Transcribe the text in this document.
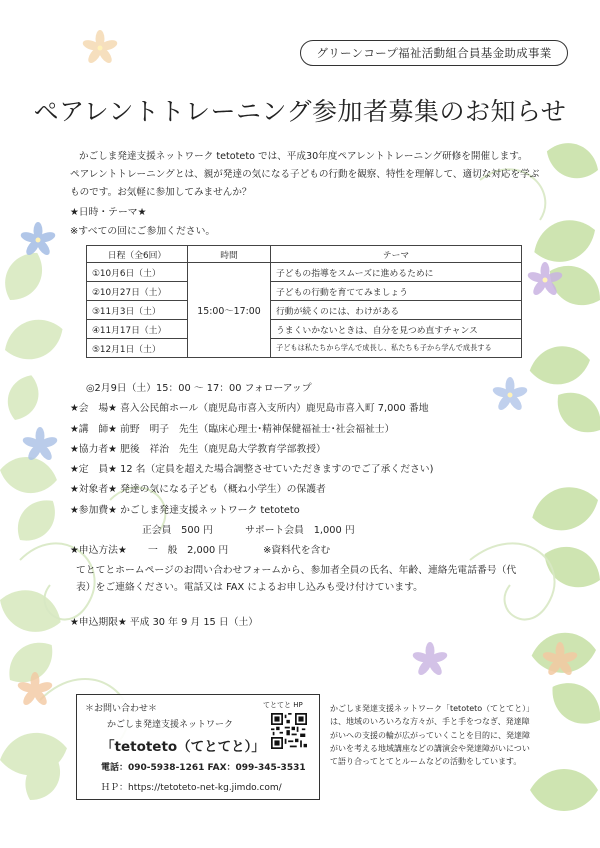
グリーンコープ福祉活動組合員基金助成事業
ペアレントトレーニング参加者募集のお知らせ

かごしま発達支援ネットワーク tetoteto では、平成30年度ペアレントトレーニング研修を開催します。

ペアレントトレーニングとは、親が発達の気になる子どもの行動を観察、特性を理解して、適切な対応を学ぶものです。お気軽に参加してみませんか？

★日時・テーマ★
※すべての回にご参加ください。
日程（全6回）	時間	テーマ
①10月6日（土）	15:00～17:00	子どもの指導をスムーズに進めるために
②10月27日（土）		子どもの行動を育ててみましょう
③11月3日（土）		行動が続くのには、わけがある
④11月17日（土）		うまくいかないときは、自分を見つめ直すチャンス
⑤12月1日（土）		子どもは私たちから学んで成長し、私たちも子から学んで成長する
◎2月9日（土）15：00 ～ 17：00 フォローアップ
★会　場★ 喜入公民館ホール（鹿児島市喜入支所内）鹿児島市喜入町 7,000 番地
★講　師★ 前野　明子　先生（臨床心理士･精神保健福祉士･社会福祉士）
★協力者★ 肥後　祥治　先生（鹿児島大学教育学部教授）
★定　員★ 12 名（定員を超えた場合調整させていただきますのでご了承ください)
★対象者★ 発達の気になる子ども（概ね小学生）の保護者
★参加費★ かごしま発達支援ネットワーク tetoteto
正会員　500 円	サポート会員　1,000 円
一　般　2,000 円	※資料代を含む
★申込方法★
てとてとホームページのお問い合わせフォームから、参加者全員の氏名、年齢、連絡先電話番号（代
表）をご連絡ください。電話又は FAX によるお申し込みも受け付けています。
★申込期限★ 平成 30 年 9 月 15 日（土）
＊お問い合わせ＊
かごしま発達支援ネットワーク
「tetoteto（てとてと）」
電話：090-5938-1261 FAX：099-345-3531
ＨＰ：https://tetoteto-net-kg.jimdo.com/
てとてと HP	かごしま発達支援ネットワーク「tetoteto（てとてと）」は、地域のいろいろな方々が、手と手をつなぎ、発達障がいへの支援の輪が広がっていくことを目的に、発達障がいを考える地域講座などの講演会や発達障がいについて語り合ってとてとルームなどの活動をしています。
